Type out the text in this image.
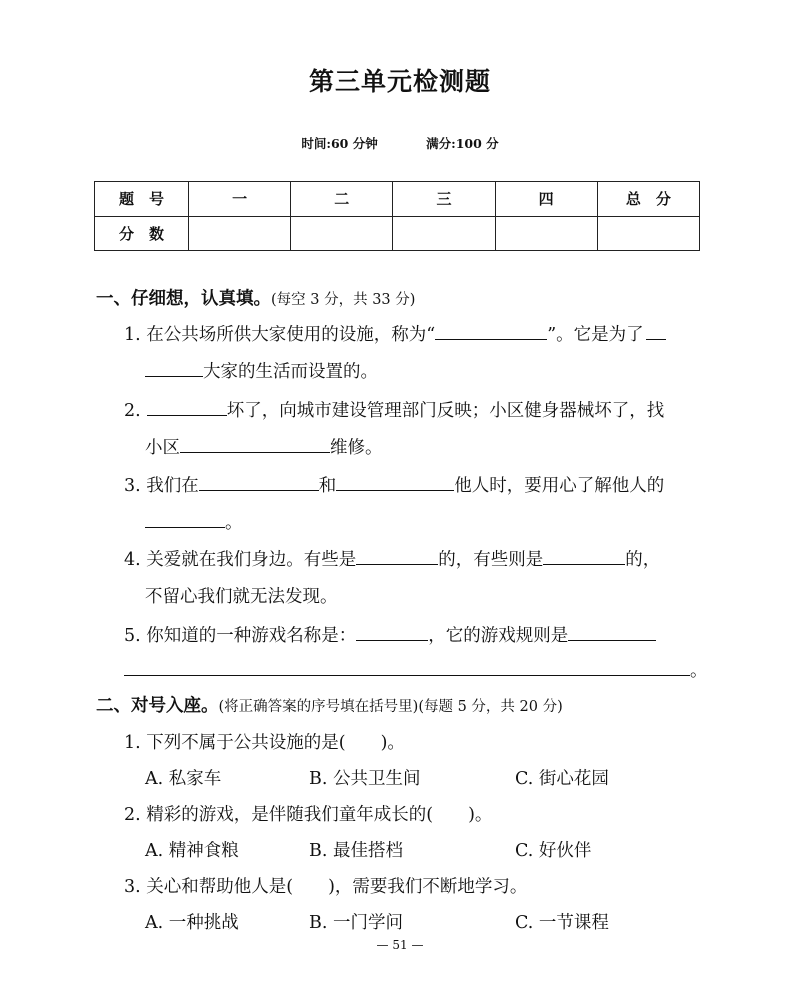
第三单元检测题
时间:60 分钟	满分:100 分
题　号	一	二	三	四	总　分
分　数					
一、仔细想，认真填。(每空 3 分，共 33 分)
1. 在公共场所供大家使用的设施，称为“	”。它是为了
大家的生活而设置的。
2.	坏了，向城市建设管理部门反映；小区健身器械坏了，找
小区	维修。
3. 我们在	和	他人时，要用心了解他人的
。
4. 关爱就在我们身边。有些是	的，有些则是	的，
不留心我们就无法发现。
5. 你知道的一种游戏名称是：	，它的游戏规则是
。
二、对号入座。(将正确答案的序号填在括号里)(每题 5 分，共 20 分)
1. 下列不属于公共设施的是(　　)。
A. 私家车	B. 公共卫生间	C. 街心花园
2. 精彩的游戏，是伴随我们童年成长的(　　)。
A. 精神食粮	B. 最佳搭档	C. 好伙伴
3. 关心和帮助他人是(　　)，需要我们不断地学习。
A. 一种挑战	B. 一门学问	C. 一节课程
— 51 —
